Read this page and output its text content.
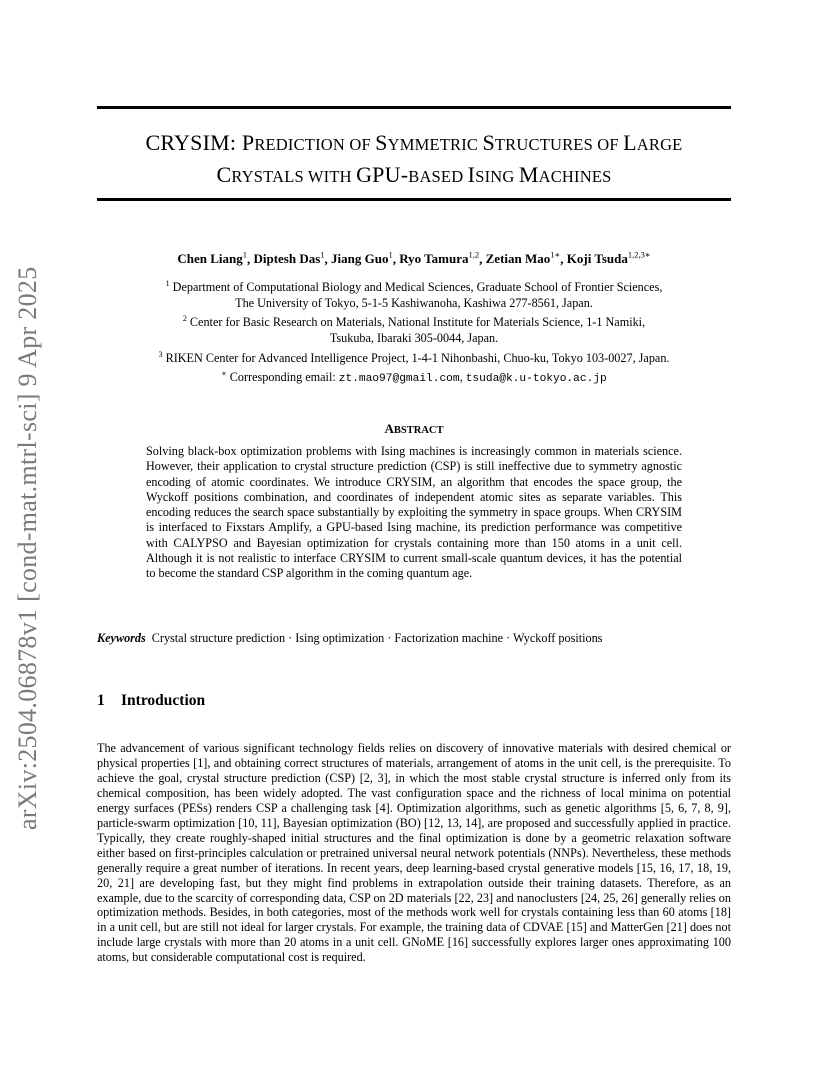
arXiv:2504.06878v1 [cond-mat.mtrl-sci] 9 Apr 2025
CRYSIM: PREDICTION OF SYMMETRIC STRUCTURES OF LARGE
CRYSTALS WITH GPU-BASED ISING MACHINES
Chen Liang$^1$, Diptesh Das$^1$, Jiang Guo$^1$, Ryo Tamura$^{1,2}$, Zetian Mao$^{1∗}$, Koji Tsuda$^{1,2,3∗}$
$^1$ Department of Computational Biology and Medical Sciences, Graduate School of Frontier Sciences,
The University of Tokyo, 5-1-5 Kashiwanoha, Kashiwa 277-8561, Japan.
$^2$ Center for Basic Research on Materials, National Institute for Materials Science, 1-1 Namiki,
Tsukuba, Ibaraki 305-0044, Japan.
$^3$ RIKEN Center for Advanced Intelligence Project, 1-4-1 Nihonbashi, Chuo-ku, Tokyo 103-0027, Japan.
∗ Corresponding email: zt.mao97@gmail.com, tsuda@k.u-tokyo.ac.jp
ABSTRACT
Solving black-box optimization problems with Ising machines is increasingly common in materials science. However, their application to crystal structure prediction (CSP) is still ineffective due to symmetry agnostic encoding of atomic coordinates. We introduce CRYSIM, an algorithm that encodes the space group, the Wyckoff positions combination, and coordinates of independent atomic sites as separate variables. This encoding reduces the search space substantially by exploiting the symmetry in space groups. When CRYSIM is interfaced to Fixstars Amplify, a GPU-based Ising machine, its prediction performance was competitive with CALYPSO and Bayesian optimization for crystals containing more than 150 atoms in a unit cell. Although it is not realistic to interface CRYSIM to current small-scale quantum devices, it has the potential to become the standard CSP algorithm in the coming quantum age.
Keywords Crystal structure prediction · Ising optimization · Factorization machine · Wyckoff positions
1 Introduction
The advancement of various significant technology fields relies on discovery of innovative materials with desired chemical or physical properties [1], and obtaining correct structures of materials, arrangement of atoms in the unit cell, is the prerequisite. To achieve the goal, crystal structure prediction (CSP) [2, 3], in which the most stable crystal structure is inferred only from its chemical composition, has been widely adopted. The vast configuration space and the richness of local minima on potential energy surfaces (PESs) renders CSP a challenging task [4]. Optimization algorithms, such as genetic algorithms [5, 6, 7, 8, 9], particle-swarm optimization [10, 11], Bayesian optimization (BO) [12, 13, 14], are proposed and successfully applied in practice. Typically, they create roughly-shaped initial structures and the final optimization is done by a geometric relaxation software either based on first-principles calculation or pretrained universal neural network potentials (NNPs). Nevertheless, these methods generally require a great number of iterations. In recent years, deep learning-based crystal generative models [15, 16, 17, 18, 19, 20, 21] are developing fast, but they might find problems in extrapolation outside their training datasets. Therefore, as an example, due to the scarcity of corresponding data, CSP on 2D materials [22, 23] and nanoclusters [24, 25, 26] generally relies on optimization methods. Besides, in both categories, most of the methods work well for crystals containing less than 60 atoms [18] in a unit cell, but are still not ideal for larger crystals. For example, the training data of CDVAE [15] and MatterGen [21] does not include large crystals with more than 20 atoms in a unit cell. GNoME [16] successfully explores larger ones approximating 100 atoms, but considerable computational cost is required.
